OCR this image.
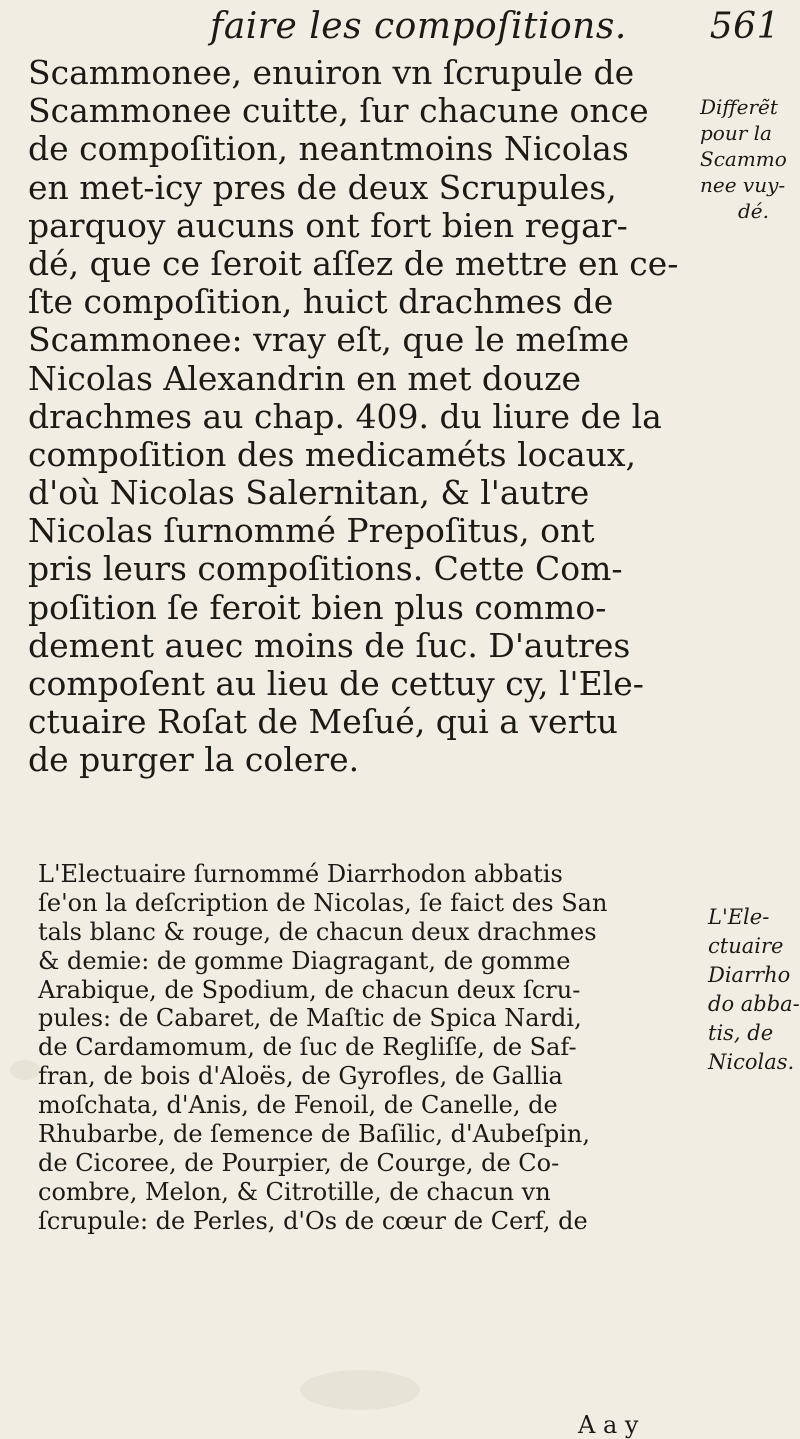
faire les compoſitions. 561
Scammonee, enuiron vn ſcrupule de
Scammonee cuitte, ſur chacune once
de compoſition, neantmoins Nicolas
en met-icy pres de deux Scrupules,
parquoy aucuns ont fort bien regar-
dé, que ce ſeroit aſſez de mettre en ce-
ſte compoſition, huict drachmes de
Scammonee: vray eſt, que le meſme
Nicolas Alexandrin en met douze
drachmes au chap. 409. du liure de la
compoſition des medicaméts locaux,
d'où Nicolas Salernitan, & l'autre
Nicolas ſurnommé Prepoſitus, ont
pris leurs compoſitions. Cette Com-
poſition ſe feroit bien plus commo-
dement auec moins de ſuc. D'autres
compoſent au lieu de cettuy cy, l'Ele-
ctuaire Roſat de Meſué, qui a vertu
de purger la colere.
Differẽt
pour la
Scammo
nee vuy-
dé.
L'Electuaire ſurnommé Diarrhodon abbatis
ſe'on la deſcription de Nicolas, ſe faict des San
tals blanc & rouge, de chacun deux drachmes
& demie: de gomme Diagragant, de gomme
Arabique, de Spodium, de chacun deux ſcru-
pules: de Cabaret, de Maſtic de Spica Nardi,
de Cardamomum, de ſuc de Regliſſe, de Saf-
fran, de bois d'Aloës, de Gyrofles, de Gallia
moſchata, d'Anis, de Fenoil, de Canelle, de
Rhubarbe, de ſemence de Baſilic, d'Aubeſpin,
de Cicoree, de Pourpier, de Courge, de Co-
combre, Melon, & Citrotille, de chacun vn
ſcrupule: de Perles, d'Os de cœur de Cerf, de
L'Ele-
ctuaire
Diarrho
do abba-
tis, de
Nicolas.
A a y
